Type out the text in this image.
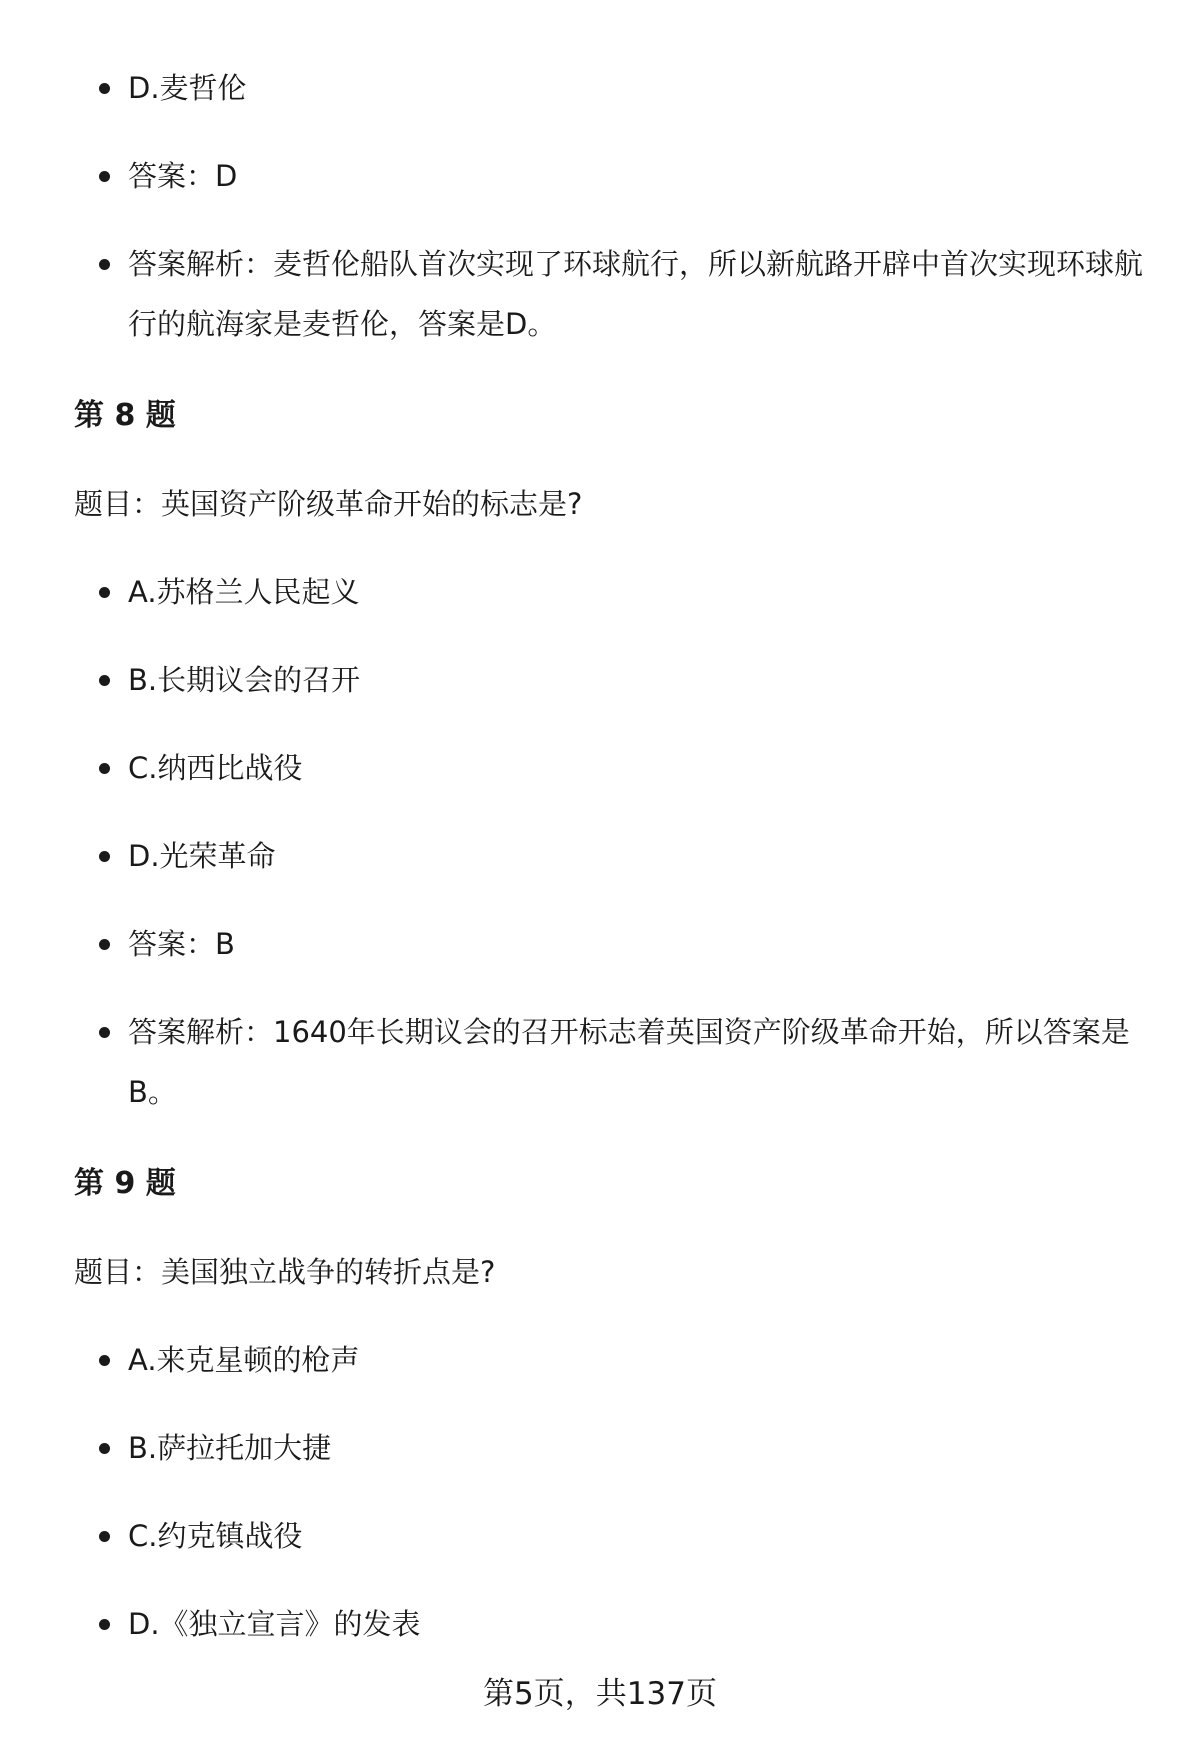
D.麦哲伦
答案：D
答案解析：麦哲伦船队首次实现了环球航行，所以新航路开辟中首次实现环球航行的航海家是麦哲伦，答案是D。
第 8 题
题目：英国资产阶级革命开始的标志是?
A.苏格兰人民起义
B.长期议会的召开
C.纳西比战役
D.光荣革命
答案：B
答案解析：1640年长期议会的召开标志着英国资产阶级革命开始，所以答案是B。
第 9 题
题目：美国独立战争的转折点是?
A.来克星顿的枪声
B.萨拉托加大捷
C.约克镇战役
D.《独立宣言》的发表
第5页，共137页
